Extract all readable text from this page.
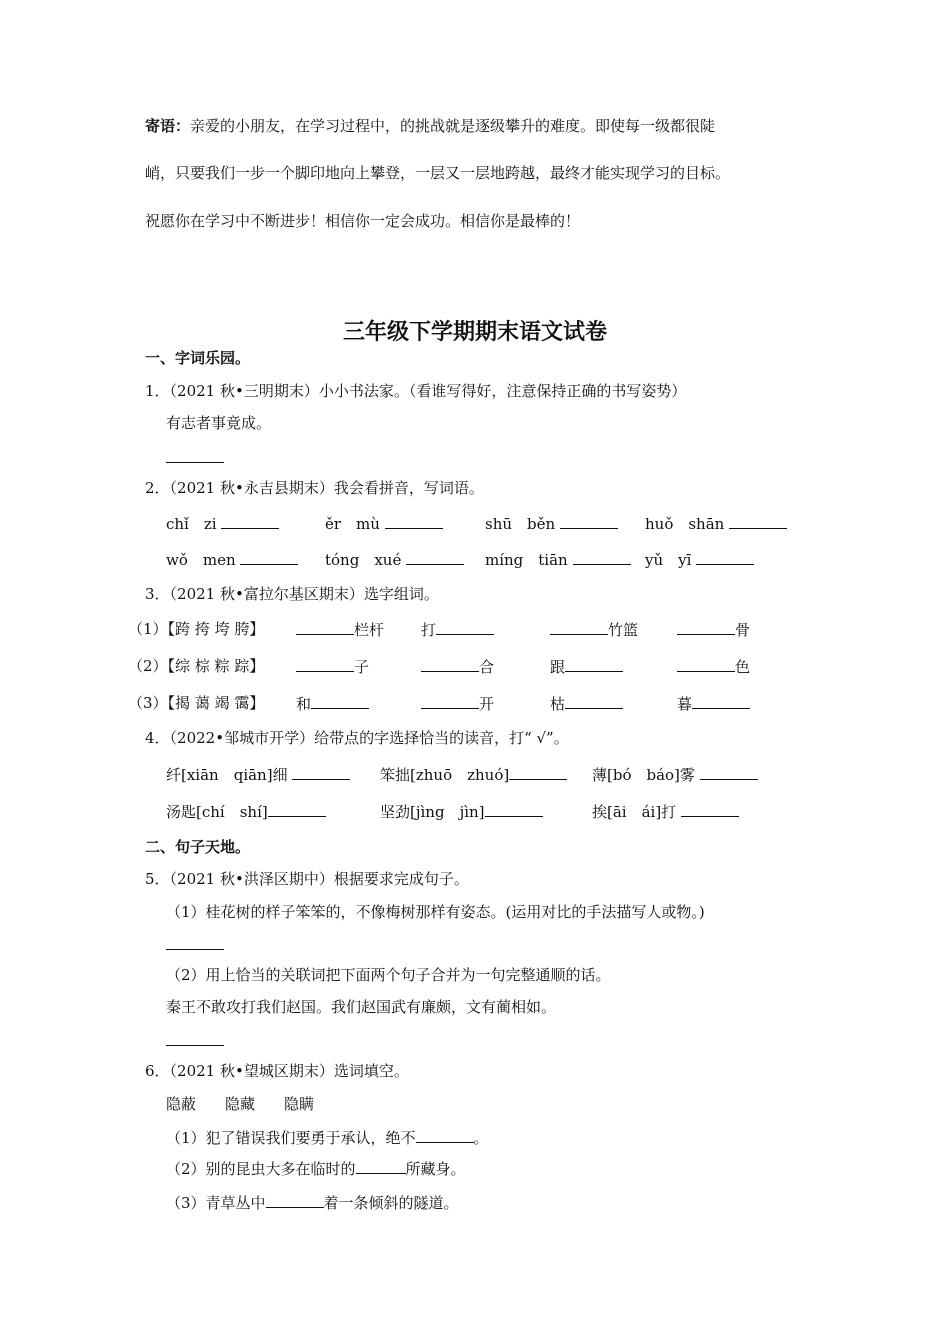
寄语：亲爱的小朋友，在学习过程中，的挑战就是逐级攀升的难度。即使每一级都很陡
峭，只要我们一步一个脚印地向上攀登，一层又一层地跨越，最终才能实现学习的目标。
祝愿你在学习中不断进步！相信你一定会成功。相信你是最棒的！
三年级下学期期末语文试卷
一、字词乐园。
1．（2021 秋•三明期末）小小书法家。（看谁写得好，注意保持正确的书写姿势）
有志者事竟成。
2．（2021 秋•永吉县期末）我会看拼音，写词语。
chǐ　zi	ěr　mù	shū　běn	huǒ　shān
wǒ　men	tóng　xué	míng　tiān	yǔ　yī
3．（2021 秋•富拉尔基区期末）选字组词。
（1）【跨 挎 垮 胯】	栏杆 打	竹篮	骨
（2）【综 棕 粽 踪】	子	合	跟	色
（3）【揭 蔼 竭 霭】 和	开	枯	暮
4．（2022•邹城市开学）给带点的字选择恰当的读音，打“ √”。
纤[xiān　qiān]细	笨拙[zhuō　zhuó]	薄[bó　báo]雾
汤匙[chí　shí]	坚劲[jìng　jìn]	挨[āi　ái]打
二、句子天地。
5．（2021 秋•洪泽区期中）根据要求完成句子。
（1）桂花树的样子笨笨的，不像梅树那样有姿态。(运用对比的手法描写人或物。)
（2）用上恰当的关联词把下面两个句子合并为一句完整通顺的话。
秦王不敢攻打我们赵国。我们赵国武有廉颇，文有蔺相如。
6．（2021 秋•望城区期末）选词填空。
隐蔽 隐藏 隐瞒
（1）犯了错误我们要勇于承认，绝不	。
（2）别的昆虫大多在临时的	所藏身。
（3）青草丛中	着一条倾斜的隧道。
